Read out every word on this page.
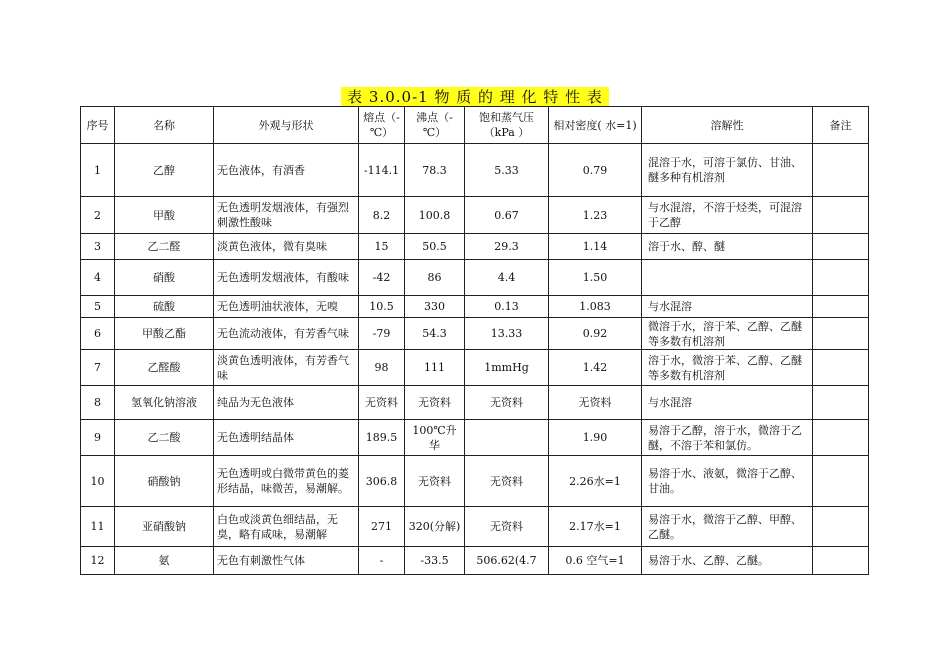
表 3.0.0-1 物 质 的 理 化 特 性 表
序号	名称	外观与形状	熔点（-℃）	沸点（-℃）	饱和蒸气压（kPa ）	相对密度( 水=1)	溶解性	备注
1	乙醇	无色液体，有酒香	-114.1	78.3	5.33	0.79	混溶于水，可溶于氯仿、甘油、醚多种有机溶剂	
2	甲酸	无色透明发烟液体，有强烈刺激性酸味	8.2	100.8	0.67	1.23	与水混溶，不溶于烃类，可混溶于乙醇	
3	乙二醛	淡黄色液体，微有臭味	15	50.5	29.3	1.14	溶于水、醇、醚	
4	硝酸	无色透明发烟液体，有酸味	-42	86	4.4	1.50		
5	硫酸	无色透明油状液体，无嗅	10.5	330	0.13	1.083	与水混溶	
6	甲酸乙酯	无色流动液体，有芳香气味	-79	54.3	13.33	0.92	微溶于水，溶于苯、乙醇、乙醚等多数有机溶剂	
7	乙醛酸	淡黄色透明液体，有芳香气味	98	111	1mmHg	1.42	溶于水，微溶于苯、乙醇、乙醚等多数有机溶剂	
8	氢氧化钠溶液	纯品为无色液体	无资料	无资料	无资料	无资料	与水混溶	
9	乙二酸	无色透明结晶体	189.5	100℃升华		1.90	易溶于乙醇，溶于水，微溶于乙醚，不溶于苯和氯仿。	
10	硝酸钠	无色透明或白微带黄色的菱形结晶，味微苦，易潮解。	306.8	无资料	无资料	2.26水=1	易溶于水、液氨，微溶于乙醇、甘油。	
11	亚硝酸钠	白色或淡黄色细结晶，无臭，略有咸味，易潮解	271	320(分解)	无资料	2.17水=1	易溶于水，微溶于乙醇、甲醇、乙醚。	
12	氨	无色有刺激性气体	-	-33.5	506.62(4.7	0.6 空气=1	易溶于水、乙醇、乙醚。	
